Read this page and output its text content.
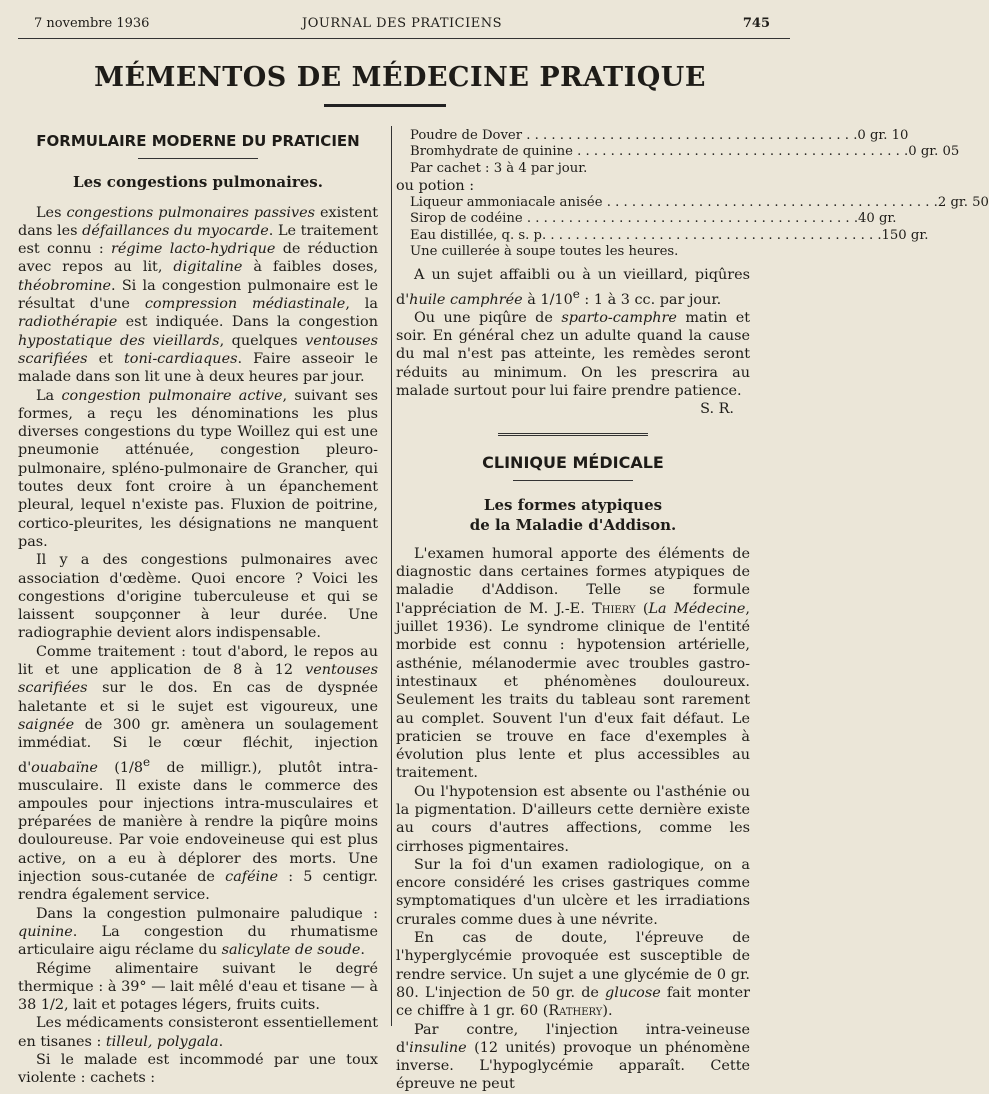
7 novembre 1936	JOURNAL DES PRATICIENS	745
MÉMENTOS DE MÉDECINE PRATIQUE
FORMULAIRE MODERNE DU PRATICIEN
Les congestions pulmonaires.

Les congestions pulmonaires passives existent dans les défaillances du myocarde. Le traitement est connu : régime lacto-hydrique de réduction avec repos au lit, digitaline à faibles doses, théobromine. Si la congestion pulmonaire est le résultat d'une compression médiastinale, la radiothérapie est indiquée. Dans la congestion hypostatique des vieillards, quelques ventouses scarifiées et toni-cardiaques. Faire asseoir le malade dans son lit une à deux heures par jour.

La congestion pulmonaire active, suivant ses formes, a reçu les dénominations les plus diverses congestions du type Woillez qui est une pneumonie atténuée, congestion pleuro-pulmonaire, spléno-pulmonaire de Grancher, qui toutes deux font croire à un épanchement pleural, lequel n'existe pas. Fluxion de poitrine, cortico-pleurites, les désignations ne manquent pas.

Il y a des congestions pulmonaires avec association d'œdème. Quoi encore ? Voici les congestions d'origine tuberculeuse et qui se laissent soupçonner à leur durée. Une radiographie devient alors indispensable.

Comme traitement : tout d'abord, le repos au lit et une application de 8 à 12 ventouses scarifiées sur le dos. En cas de dyspnée haletante et si le sujet est vigoureux, une saignée de 300 gr. amènera un soulagement immédiat. Si le cœur fléchit, injection d'ouabaïne (1/8e de milligr.), plutôt intra-musculaire. Il existe dans le commerce des ampoules pour injections intra-musculaires et préparées de manière à rendre la piqûre moins douloureuse. Par voie endoveineuse qui est plus active, on a eu à déplorer des morts. Une injection sous-cutanée de caféine : 5 centigr. rendra également service.

Dans la congestion pulmonaire paludique : quinine. La congestion du rhumatisme articulaire aigu réclame du salicylate de soude.

Régime alimentaire suivant le degré thermique : à 39° — lait mêlé d'eau et tisane — à 38 1/2, lait et potages légers, fruits cuits.

Les médicaments consisteront essentiellement en tisanes : tilleul, polygala.

Si le malade est incommodé par une toux violente : cachets :

Poudre de Dover . . .	0 gr. 10
Bromhydrate de quinine . . .	0 gr. 05
Par cachet : 3 à 4 par jour.

ou potion :

Liqueur ammoniacale anisée . . .	2 gr. 50
Sirop de codéine . . .	40 gr.
Eau distillée, q. s. p. . . .	150 gr.
Une cuillerée à soupe toutes les heures.

A un sujet affaibli ou à un vieillard, piqûres d'huile camphrée à 1/10e : 1 à 3 cc. par jour.

Ou une piqûre de sparto-camphre matin et soir. En général chez un adulte quand la cause du mal n'est pas atteinte, les remèdes seront réduits au minimum. On les prescrira au malade surtout pour lui faire prendre patience.

S. R.
CLINIQUE MÉDICALE
Les formes atypiques
de la Maladie d'Addison.

L'examen humoral apporte des éléments de diagnostic dans certaines formes atypiques de maladie d'Addison. Telle se formule l'appréciation de M. J.-E. Thiery (La Médecine, juillet 1936). Le syndrome clinique de l'entité morbide est connu : hypotension artérielle, asthénie, mélanodermie avec troubles gastro-intestinaux et phénomènes douloureux. Seulement les traits du tableau sont rarement au complet. Souvent l'un d'eux fait défaut. Le praticien se trouve en face d'exemples à évolution plus lente et plus accessibles au traitement.

Ou l'hypotension est absente ou l'asthénie ou la pigmentation. D'ailleurs cette dernière existe au cours d'autres affections, comme les cirrhoses pigmentaires.

Sur la foi d'un examen radiologique, on a encore considéré les crises gastriques comme symptomatiques d'un ulcère et les irradiations crurales comme dues à une névrite.

En cas de doute, l'épreuve de l'hyperglycémie provoquée est susceptible de rendre service. Un sujet a une glycémie de 0 gr. 80. L'injection de 50 gr. de glucose fait monter ce chiffre à 1 gr. 60 (Rathery).

Par contre, l'injection intra-veineuse d'insuline (12 unités) provoque un phénomène inverse. L'hypoglycémie apparaît. Cette épreuve ne peut
